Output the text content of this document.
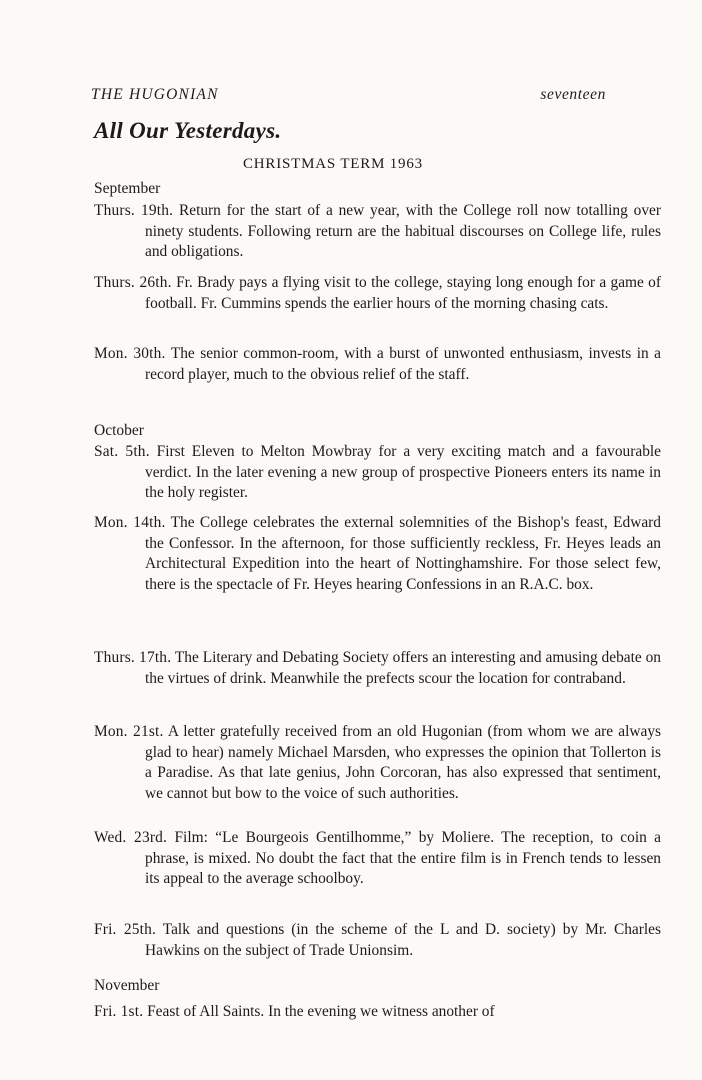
THE HUGONIAN	seventeen
All Our Yesterdays.
CHRISTMAS TERM 1963
September

Thurs. 19th. Return for the start of a new year, with the College roll now totalling over ninety students. Following return are the habitual discourses on College life, rules and obligations.

Thurs. 26th. Fr. Brady pays a flying visit to the college, staying long enough for a game of football. Fr. Cummins spends the earlier hours of the morning chasing cats.

Mon. 30th. The senior common-room, with a burst of unwonted enthusiasm, invests in a record player, much to the obvious relief of the staff.

October

Sat. 5th. First Eleven to Melton Mowbray for a very exciting match and a favourable verdict. In the later evening a new group of prospective Pioneers enters its name in the holy register.

Mon. 14th. The College celebrates the external solemnities of the Bishop's feast, Edward the Confessor. In the afternoon, for those sufficiently reckless, Fr. Heyes leads an Architectural Expedition into the heart of Nottinghamshire. For those select few, there is the spectacle of Fr. Heyes hearing Confessions in an R.A.C. box.

Thurs. 17th. The Literary and Debating Society offers an interesting and amusing debate on the virtues of drink. Meanwhile the prefects scour the location for contraband.

Mon. 21st. A letter gratefully received from an old Hugonian (from whom we are always glad to hear) namely Michael Marsden, who expresses the opinion that Tollerton is a Paradise. As that late genius, John Corcoran, has also expressed that sentiment, we cannot but bow to the voice of such authorities.

Wed. 23rd. Film: “Le Bourgeois Gentilhomme,” by Moliere. The reception, to coin a phrase, is mixed. No doubt the fact that the entire film is in French tends to lessen its appeal to the average schoolboy.

Fri. 25th. Talk and questions (in the scheme of the L and D. society) by Mr. Charles Hawkins on the subject of Trade Unionsim.

November

Fri. 1st. Feast of All Saints. In the evening we witness another of
